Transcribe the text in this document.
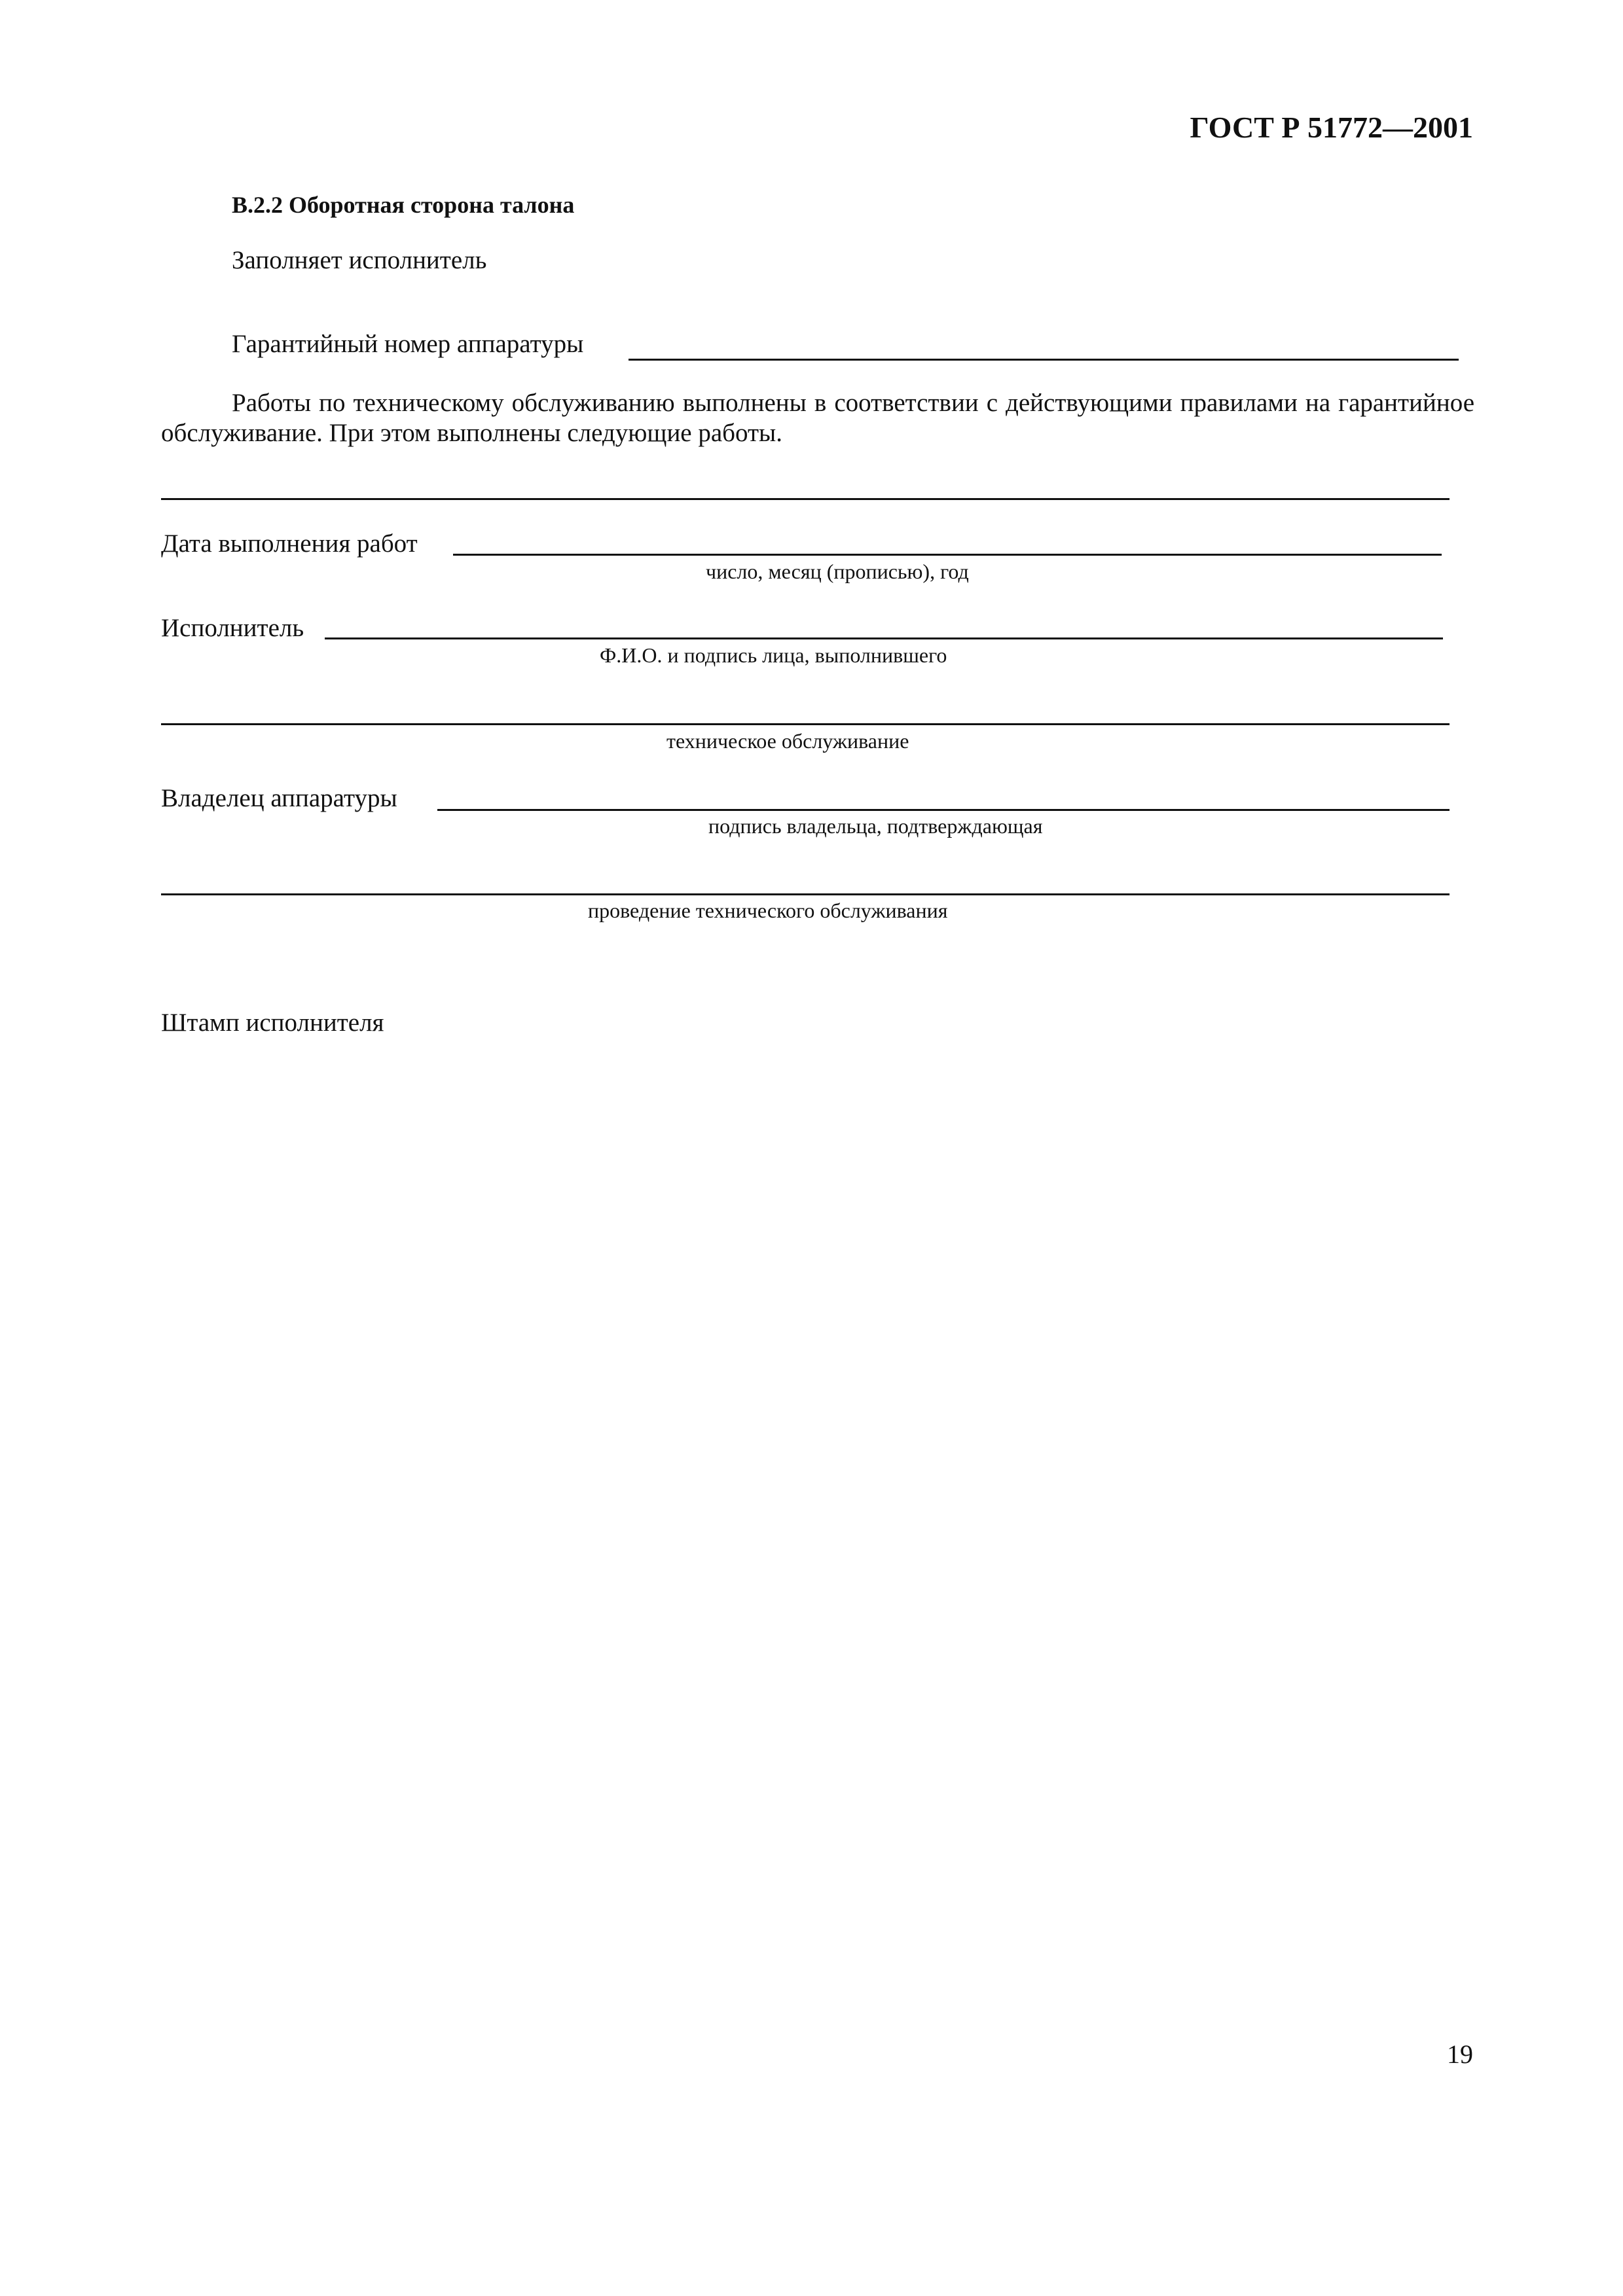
ГОСТ Р 51772—2001
В.2.2 Оборотная сторона талона
Заполняет исполнитель
Гарантийный номер аппаратуры
Работы по техническому обслуживанию выполнены в соответствии с действующими правилами на гарантийное обслуживание. При этом выполнены следующие работы.
Дата выполнения работ
число, месяц (прописью), год
Исполнитель
Ф.И.О. и подпись лица, выполнившего
техническое обслуживание
Владелец аппаратуры
подпись владельца, подтверждающая
проведение технического обслуживания
Штамп исполнителя
19
